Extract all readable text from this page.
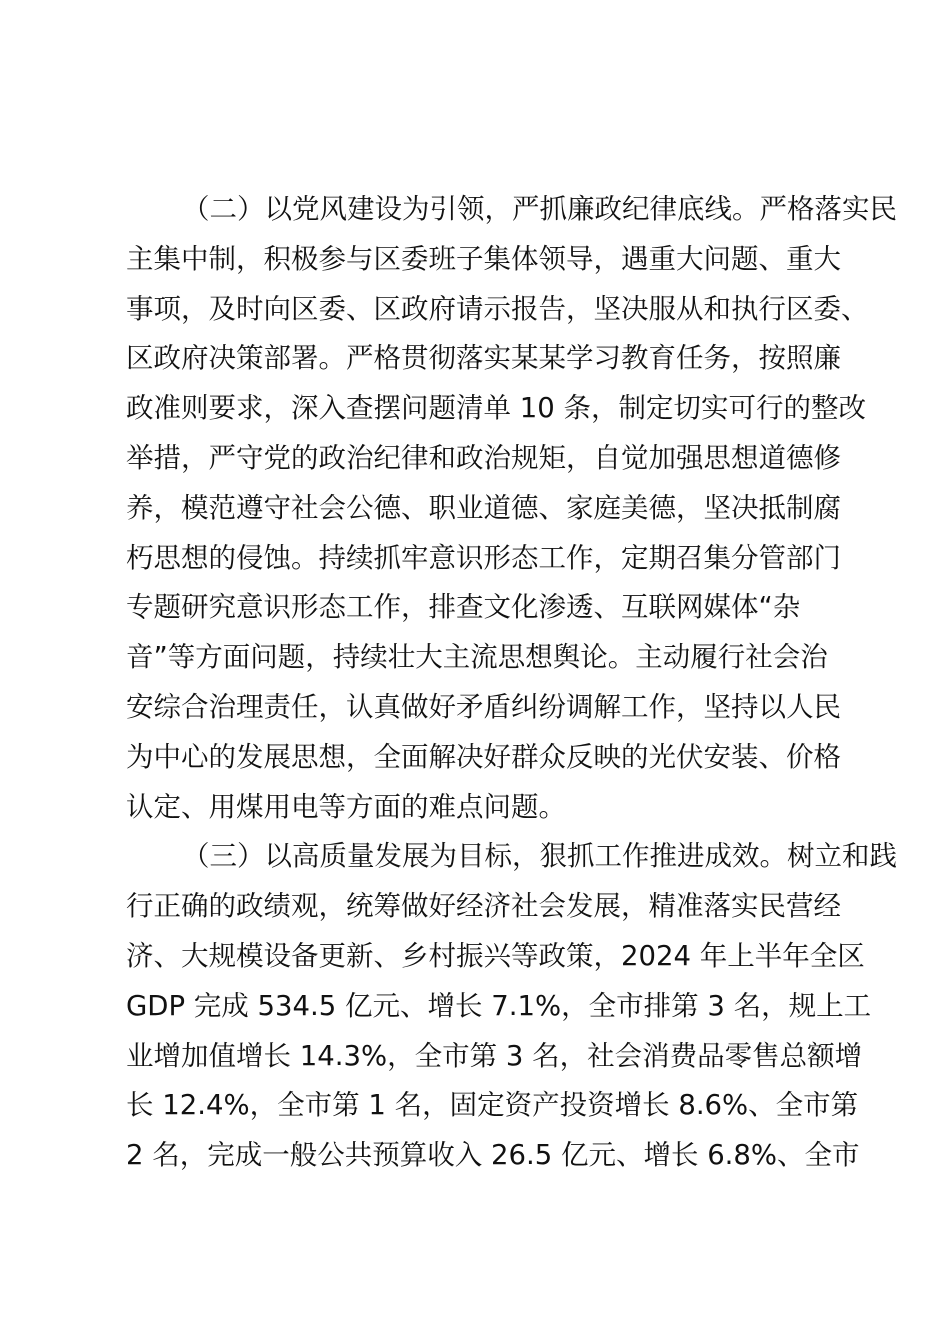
（二）以党风建设为引领，严抓廉政纪律底线。严格落实民
主集中制，积极参与区委班子集体领导，遇重大问题、重大
事项，及时向区委、区政府请示报告，坚决服从和执行区委、
区政府决策部署。严格贯彻落实某某学习教育任务，按照廉
政准则要求，深入查摆问题清单 10 条，制定切实可行的整改
举措，严守党的政治纪律和政治规矩，自觉加强思想道德修
养，模范遵守社会公德、职业道德、家庭美德，坚决抵制腐
朽思想的侵蚀。持续抓牢意识形态工作，定期召集分管部门
专题研究意识形态工作，排查文化渗透、互联网媒体“杂
音”等方面问题，持续壮大主流思想舆论。主动履行社会治
安综合治理责任，认真做好矛盾纠纷调解工作，坚持以人民
为中心的发展思想，全面解决好群众反映的光伏安装、价格
认定、用煤用电等方面的难点问题。
（三）以高质量发展为目标，狠抓工作推进成效。树立和践
行正确的政绩观，统筹做好经济社会发展，精准落实民营经
济、大规模设备更新、乡村振兴等政策，2024 年上半年全区
GDP 完成 534.5 亿元、增长 7.1%，全市排第 3 名，规上工
业增加值增长 14.3%，全市第 3 名，社会消费品零售总额增
长 12.4%，全市第 1 名，固定资产投资增长 8.6%、全市第
2 名，完成一般公共预算收入 26.5 亿元、增长 6.8%、全市
